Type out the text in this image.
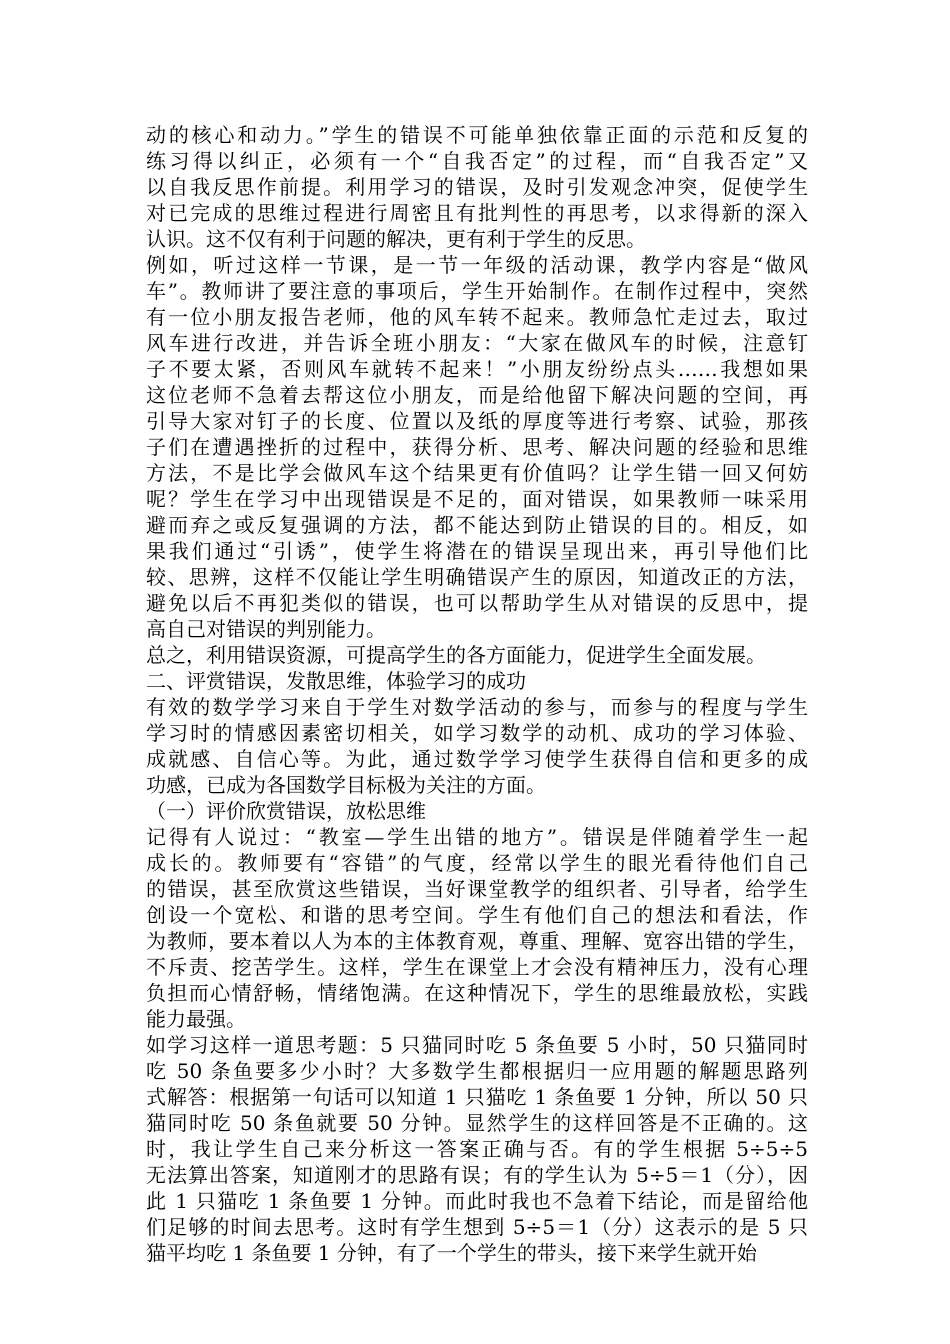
动的核心和动力。”学生的错误不可能单独依靠正面的示范和反复的
练习得以纠正，必须有一个“自我否定”的过程，而“自我否定”又
以自我反思作前提。利用学习的错误，及时引发观念冲突，促使学生
对已完成的思维过程进行周密且有批判性的再思考，以求得新的深入
认识。这不仅有利于问题的解决，更有利于学生的反思。
例如，听过这样一节课，是一节一年级的活动课，教学内容是“做风
车”。教师讲了要注意的事项后，学生开始制作。在制作过程中，突然
有一位小朋友报告老师，他的风车转不起来。教师急忙走过去，取过
风车进行改进，并告诉全班小朋友：“大家在做风车的时候，注意钉
子不要太紧，否则风车就转不起来！”小朋友纷纷点头……我想如果
这位老师不急着去帮这位小朋友，而是给他留下解决问题的空间，再
引导大家对钉子的长度、位置以及纸的厚度等进行考察、试验，那孩
子们在遭遇挫折的过程中，获得分析、思考、解决问题的经验和思维
方法，不是比学会做风车这个结果更有价值吗？让学生错一回又何妨
呢？学生在学习中出现错误是不足的，面对错误，如果教师一味采用
避而弃之或反复强调的方法，都不能达到防止错误的目的。相反，如
果我们通过“引诱”，使学生将潜在的错误呈现出来，再引导他们比
较、思辨，这样不仅能让学生明确错误产生的原因，知道改正的方法，
避免以后不再犯类似的错误，也可以帮助学生从对错误的反思中，提
高自己对错误的判别能力。
总之，利用错误资源，可提高学生的各方面能力，促进学生全面发展。
二、评赏错误，发散思维，体验学习的成功
有效的数学学习来自于学生对数学活动的参与，而参与的程度与学生
学习时的情感因素密切相关，如学习数学的动机、成功的学习体验、
成就感、自信心等。为此，通过数学学习使学生获得自信和更多的成
功感，已成为各国数学目标极为关注的方面。
（一）评价欣赏错误，放松思维
记得有人说过：“教室—学生出错的地方”。错误是伴随着学生一起
成长的。教师要有“容错”的气度，经常以学生的眼光看待他们自己
的错误，甚至欣赏这些错误，当好课堂教学的组织者、引导者，给学生
创设一个宽松、和谐的思考空间。学生有他们自己的想法和看法，作
为教师，要本着以人为本的主体教育观，尊重、理解、宽容出错的学生，
不斥责、挖苦学生。这样，学生在课堂上才会没有精神压力，没有心理
负担而心情舒畅，情绪饱满。在这种情况下，学生的思维最放松，实践
能力最强。
如学习这样一道思考题：5 只猫同时吃 5 条鱼要 5 小时，50 只猫同时
吃 50 条鱼要多少小时？大多数学生都根据归一应用题的解题思路列
式解答：根据第一句话可以知道 1 只猫吃 1 条鱼要 1 分钟，所以 50 只
猫同时吃 50 条鱼就要 50 分钟。显然学生的这样回答是不正确的。这
时，我让学生自己来分析这一答案正确与否。有的学生根据 5÷5÷5
无法算出答案，知道刚才的思路有误；有的学生认为 5÷5＝1（分），因
此 1 只猫吃 1 条鱼要 1 分钟。而此时我也不急着下结论，而是留给他
们足够的时间去思考。这时有学生想到 5÷5＝1（分）这表示的是 5 只
猫平均吃 1 条鱼要 1 分钟，有了一个学生的带头，接下来学生就开始
